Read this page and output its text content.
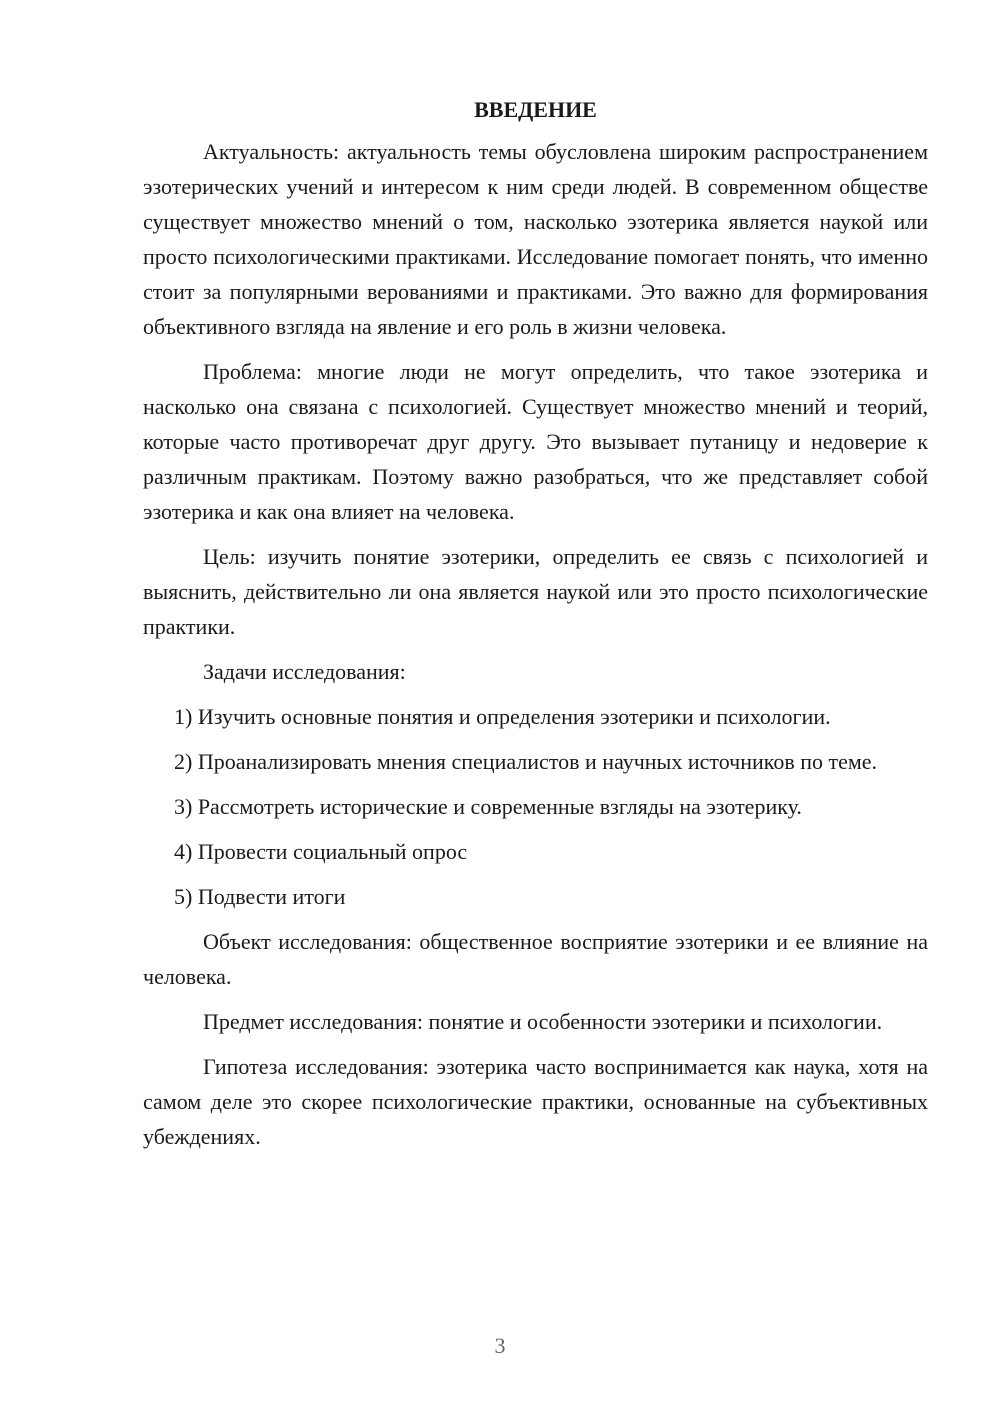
ВВЕДЕНИЕ

Актуальность: актуальность темы обусловлена широким распространением эзотерических учений и интересом к ним среди людей. В современном обществе существует множество мнений о том, насколько эзотерика является наукой или просто психологическими практиками. Исследование помогает понять, что именно стоит за популярными верованиями и практиками. Это важно для формирования объективного взгляда на явление и его роль в жизни человека.

Проблема: многие люди не могут определить, что такое эзотерика и насколько она связана с психологией. Существует множество мнений и теорий, которые часто противоречат друг другу. Это вызывает путаницу и недоверие к различным практикам. Поэтому важно разобраться, что же представляет собой эзотерика и как она влияет на человека.

Цель: изучить понятие эзотерики, определить ее связь с психологией и выяснить, действительно ли она является наукой или это просто психологические практики.

Задачи исследования:

1) Изучить основные понятия и определения эзотерики и психологии.

2) Проанализировать мнения специалистов и научных источников по теме.

3) Рассмотреть исторические и современные взгляды на эзотерику.

4) Провести социальный опрос

5) Подвести итоги

Объект исследования: общественное восприятие эзотерики и ее влияние на человека.

Предмет исследования: понятие и особенности эзотерики и психологии.

Гипотеза исследования: эзотерика часто воспринимается как наука, хотя на самом деле это скорее психологические практики, основанные на субъективных убеждениях.

3
